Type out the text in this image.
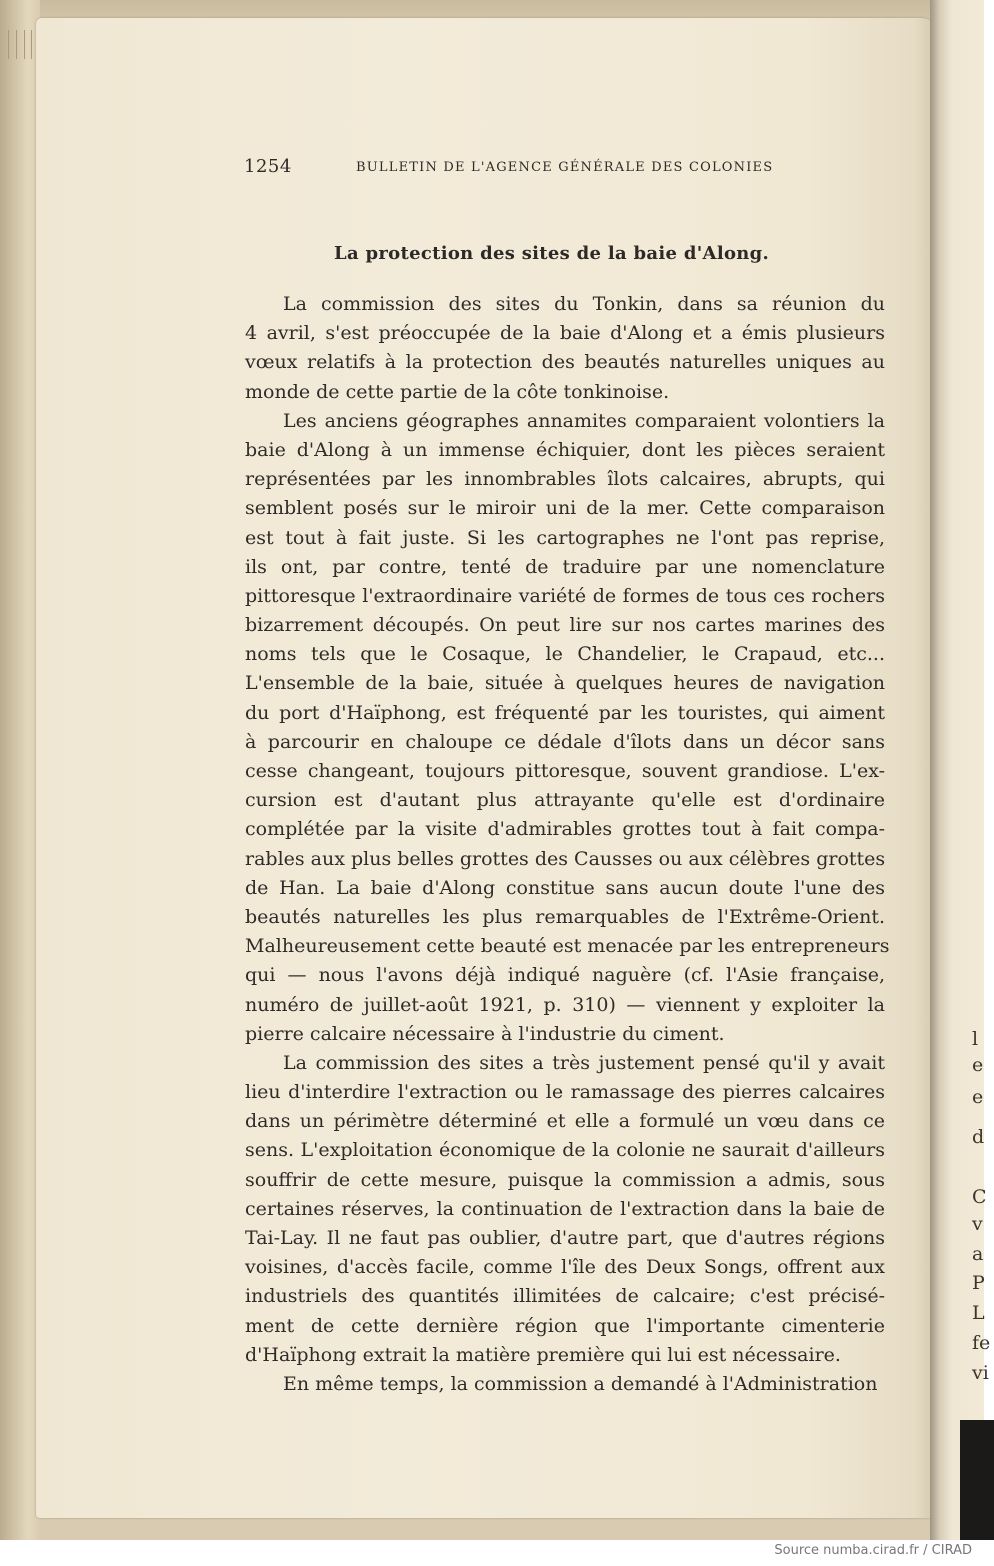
l
e
e
d
C
v
a
P
L
fe
vi
1254	BULLETIN DE L'AGENCE GÉNÉRALE DES COLONIES
La protection des sites de la baie d'Along.
La commission des sites du Tonkin, dans sa réunion du
4 avril, s'est préoccupée de la baie d'Along et a émis plusieurs
vœux relatifs à la protection des beautés naturelles uniques au
monde de cette partie de la côte tonkinoise.
Les anciens géographes annamites comparaient volontiers la
baie d'Along à un immense échiquier, dont les pièces seraient
représentées par les innombrables îlots calcaires, abrupts, qui
semblent posés sur le miroir uni de la mer. Cette comparaison
est tout à fait juste. Si les cartographes ne l'ont pas reprise,
ils ont, par contre, tenté de traduire par une nomenclature
pittoresque l'extraordinaire variété de formes de tous ces rochers
bizarrement découpés. On peut lire sur nos cartes marines des
noms tels que le Cosaque, le Chandelier, le Crapaud, etc...
L'ensemble de la baie, située à quelques heures de navigation
du port d'Haïphong, est fréquenté par les touristes, qui aiment
à parcourir en chaloupe ce dédale d'îlots dans un décor sans
cesse changeant, toujours pittoresque, souvent grandiose. L'ex-
cursion est d'autant plus attrayante qu'elle est d'ordinaire
complétée par la visite d'admirables grottes tout à fait compa-
rables aux plus belles grottes des Causses ou aux célèbres grottes
de Han. La baie d'Along constitue sans aucun doute l'une des
beautés naturelles les plus remarquables de l'Extrême-Orient.
Malheureusement cette beauté est menacée par les entrepreneurs
qui — nous l'avons déjà indiqué naguère (cf. l'Asie française,
numéro de juillet-août 1921, p. 310) — viennent y exploiter la
pierre calcaire nécessaire à l'industrie du ciment.
La commission des sites a très justement pensé qu'il y avait
lieu d'interdire l'extraction ou le ramassage des pierres calcaires
dans un périmètre déterminé et elle a formulé un vœu dans ce
sens. L'exploitation économique de la colonie ne saurait d'ailleurs
souffrir de cette mesure, puisque la commission a admis, sous
certaines réserves, la continuation de l'extraction dans la baie de
Tai-Lay. Il ne faut pas oublier, d'autre part, que d'autres régions
voisines, d'accès facile, comme l'île des Deux Songs, offrent aux
industriels des quantités illimitées de calcaire; c'est précisé-
ment de cette dernière région que l'importante cimenterie
d'Haïphong extrait la matière première qui lui est nécessaire.
En même temps, la commission a demandé à l'Administration
Source numba.cirad.fr / CIRAD
